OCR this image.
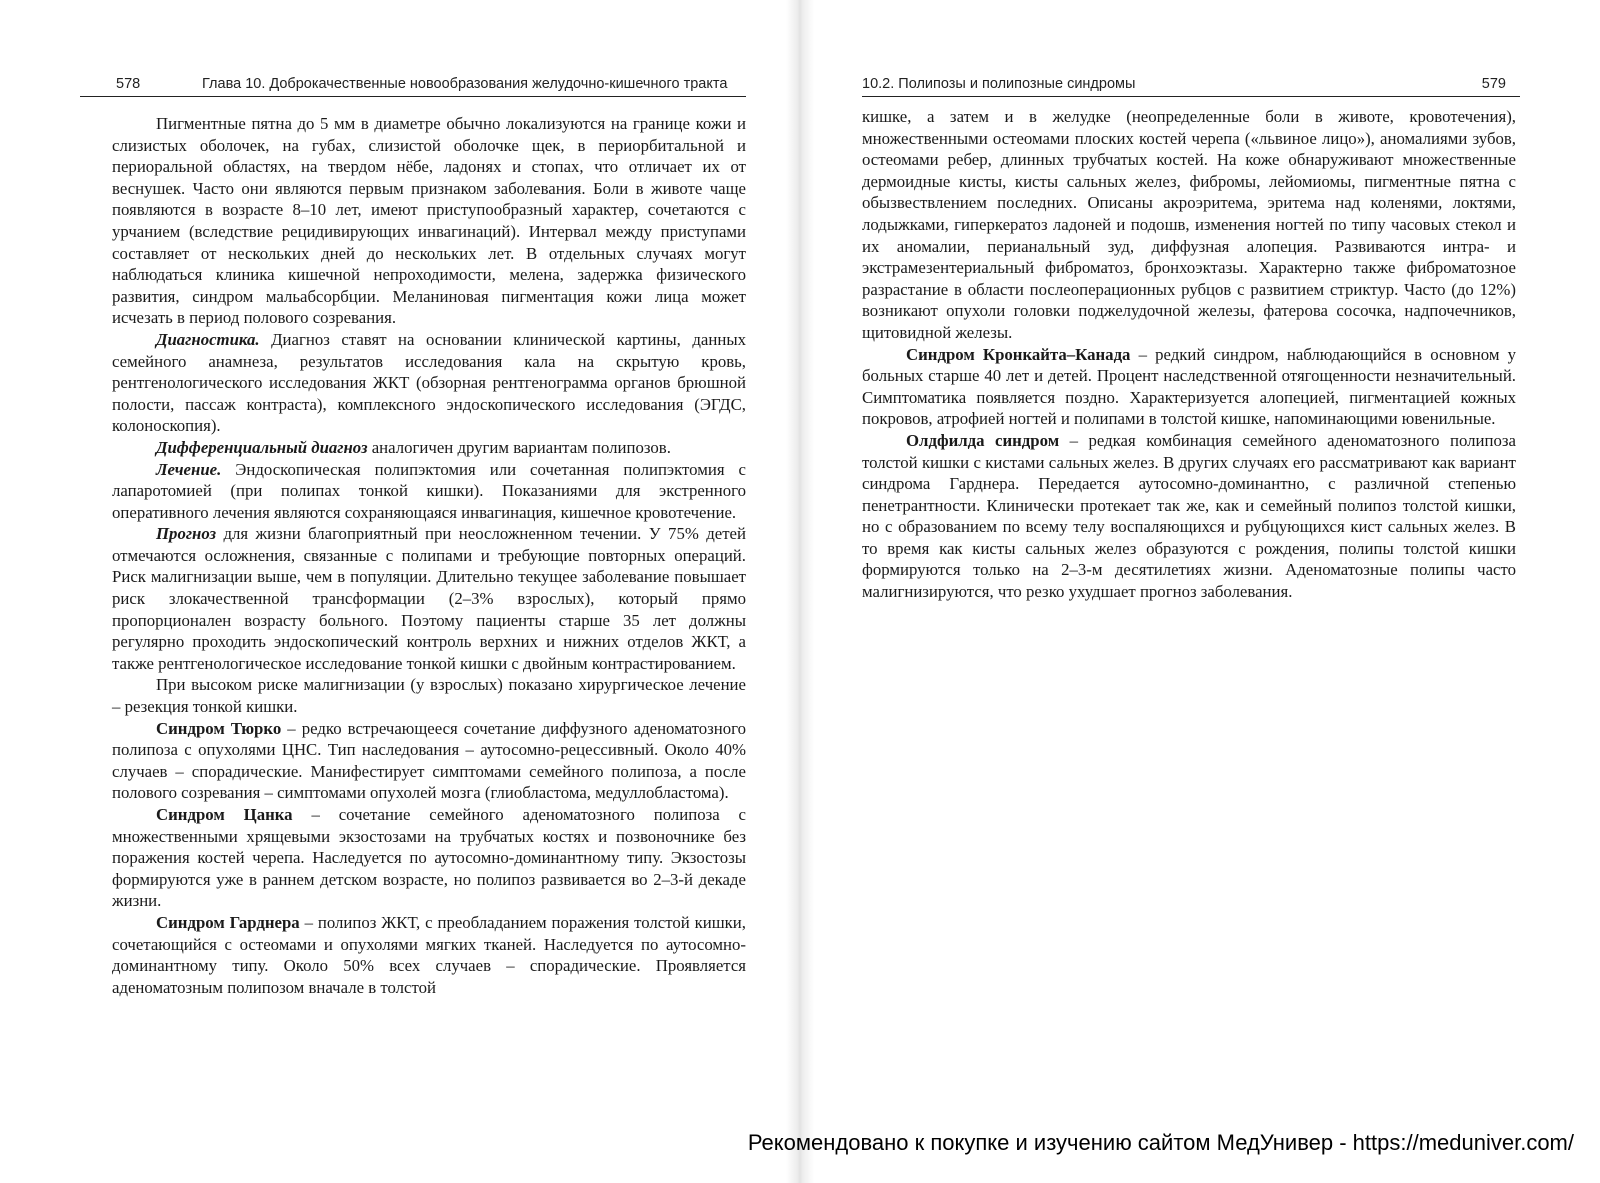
578	Глава 10. Доброкачественные новообразования желудочно-кишечного тракта

Пигментные пятна до 5 мм в диаметре обычно локализуются на границе кожи и слизистых оболочек, на губах, слизистой оболочке щек, в периорбитальной и периоральной областях, на твердом нёбе, ладонях и стопах, что отличает их от веснушек. Часто они являются первым признаком заболевания. Боли в животе чаще появляются в возрасте 8–10 лет, имеют приступообразный характер, сочетаются с урчанием (вследствие рецидивирующих инвагинаций). Интервал между приступами составляет от нескольких дней до нескольких лет. В отдельных случаях могут наблюдаться клиника кишечной непроходимости, мелена, задержка физического развития, синдром мальабсорбции. Меланиновая пигментация кожи лица может исчезать в период полового созревания.

Диагностика. Диагноз ставят на основании клинической картины, данных семейного анамнеза, результатов исследования кала на скрытую кровь, рентгенологического исследования ЖКТ (обзорная рентгенограмма органов брюшной полости, пассаж контраста), комплексного эндоскопического исследования (ЭГДС, колоноскопия).

Дифференциальный диагноз аналогичен другим вариантам полипозов.

Лечение. Эндоскопическая полипэктомия или сочетанная полипэктомия с лапаротомией (при полипах тонкой кишки). Показаниями для экстренного оперативного лечения являются сохраняющаяся инвагинация, кишечное кровотечение.

Прогноз для жизни благоприятный при неосложненном течении. У 75% детей отмечаются осложнения, связанные с полипами и требующие повторных операций. Риск малигнизации выше, чем в популяции. Длительно текущее заболевание повышает риск злокачественной трансформации (2–3% взрослых), который прямо пропорционален возрасту больного. Поэтому пациенты старше 35 лет должны регулярно проходить эндоскопический контроль верхних и нижних отделов ЖКТ, а также рентгенологическое исследование тонкой кишки с двойным контрастированием.

При высоком риске малигнизации (у взрослых) показано хирургическое лечение – резекция тонкой кишки.

Синдром Тюрко – редко встречающееся сочетание диффузного аденоматозного полипоза с опухолями ЦНС. Тип наследования – аутосомно-рецессивный. Около 40% случаев – спорадические. Манифестирует симптомами семейного полипоза, а после полового созревания – симптомами опухолей мозга (глиобластома, медуллобластома).

Синдром Цанка – сочетание семейного аденоматозного полипоза с множественными хрящевыми экзостозами на трубчатых костях и позвоночнике без поражения костей черепа. Наследуется по аутосомно-доминантному типу. Экзостозы формируются уже в раннем детском возрасте, но полипоз развивается во 2–3-й декаде жизни.

Синдром Гарднера – полипоз ЖКТ, с преобладанием поражения толстой кишки, сочетающийся с остеомами и опухолями мягких тканей. Наследуется по аутосомно-доминантному типу. Около 50% всех случаев – спорадические. Проявляется аденоматозным полипозом вначале в толстой

10.2. Полипозы и полипозные синдромы	579

кишке, а затем и в желудке (неопределенные боли в животе, кровотечения), множественными остеомами плоских костей черепа («львиное лицо»), аномалиями зубов, остеомами ребер, длинных трубчатых костей. На коже обнаруживают множественные дермоидные кисты, кисты сальных желез, фибромы, лейомиомы, пигментные пятна с обызвествлением последних. Описаны акроэритема, эритема над коленями, локтями, лодыжками, гиперкератоз ладоней и подошв, изменения ногтей по типу часовых стекол и их аномалии, перианальный зуд, диффузная алопеция. Развиваются интра- и экстрамезентериальный фиброматоз, бронхоэктазы. Характерно также фиброматозное разрастание в области послеоперационных рубцов с развитием стриктур. Часто (до 12%) возникают опухоли головки поджелудочной железы, фатерова сосочка, надпочечников, щитовидной железы.

Синдром Кронкайта–Канада – редкий синдром, наблюдающийся в основном у больных старше 40 лет и детей. Процент наследственной отягощенности незначительный. Симптоматика появляется поздно. Характеризуется алопецией, пигментацией кожных покровов, атрофией ногтей и полипами в толстой кишке, напоминающими ювенильные.

Олдфилда синдром – редкая комбинация семейного аденоматозного полипоза толстой кишки с кистами сальных желез. В других случаях его рассматривают как вариант синдрома Гарднера. Передается аутосомно-доминантно, с различной степенью пенетрантности. Клинически протекает так же, как и семейный полипоз толстой кишки, но с образованием по всему телу воспаляющихся и рубцующихся кист сальных желез. В то время как кисты сальных желез образуются с рождения, полипы толстой кишки формируются только на 2–3-м десятилетиях жизни. Аденоматозные полипы часто малигнизируются, что резко ухудшает прогноз заболевания.

Рекомендовано к покупке и изучению сайтом МедУнивер - https://meduniver.com/
